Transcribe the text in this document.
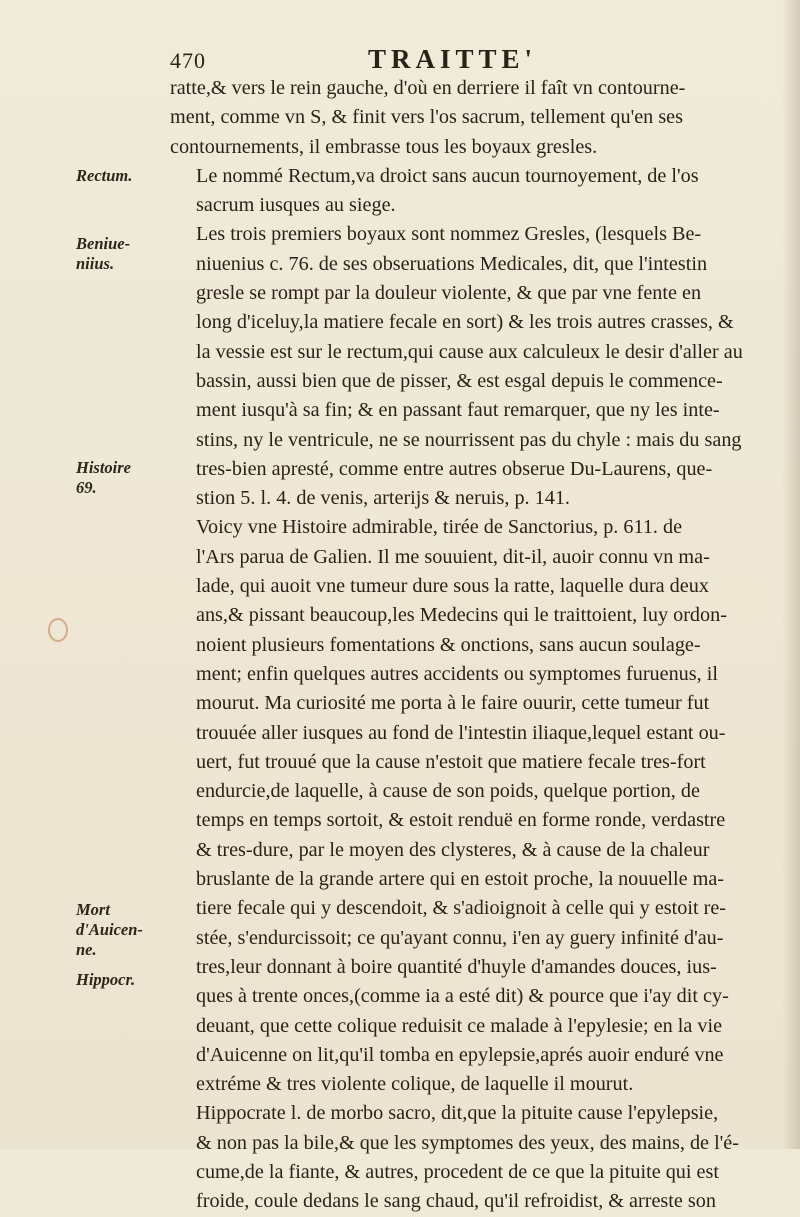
470	TRAITTE'
Rectum.
Beniue-niius.
Histoire 69.
Mort d'Auicen-ne.
Hippocr.

ratte,& vers le rein gauche, d'où en derriere il faît vn contourne-
ment, comme vn S, & finit vers l'os sacrum, tellement qu'en ses
contournements, il embrasse tous les boyaux gresles.

Le nommé Rectum,va droict sans aucun tournoyement, de l'os
sacrum iusques au siege.

Les trois premiers boyaux sont nommez Gresles, (lesquels Be-
niuenius c. 76. de ses obseruations Medicales, dit, que l'intestin
gresle se rompt par la douleur violente, & que par vne fente en
long d'iceluy,la matiere fecale en sort) & les trois autres crasses, &
la vessie est sur le rectum,qui cause aux calculeux le desir d'aller au
bassin, aussi bien que de pisser, & est esgal depuis le commence-
ment iusqu'à sa fin; & en passant faut remarquer, que ny les inte-
stins, ny le ventricule, ne se nourrissent pas du chyle : mais du sang
tres-bien apresté, comme entre autres obserue Du-Laurens, que-
stion 5. l. 4. de venis, arterijs & neruis, p. 141.

Voicy vne Histoire admirable, tirée de Sanctorius, p. 611. de
l'Ars parua de Galien. Il me souuient, dit-il, auoir connu vn ma-
lade, qui auoit vne tumeur dure sous la ratte, laquelle dura deux
ans,& pissant beaucoup,les Medecins qui le traittoient, luy ordon-
noient plusieurs fomentations & onctions, sans aucun soulage-
ment; enfin quelques autres accidents ou symptomes furuenus, il
mourut. Ma curiosité me porta à le faire ouurir, cette tumeur fut
trouuée aller iusques au fond de l'intestin iliaque,lequel estant ou-
uert, fut trouué que la cause n'estoit que matiere fecale tres-fort
endurcie,de laquelle, à cause de son poids, quelque portion, de
temps en temps sortoit, & estoit renduë en forme ronde, verdastre
& tres-dure, par le moyen des clysteres, & à cause de la chaleur
bruslante de la grande artere qui en estoit proche, la nouuelle ma-
tiere fecale qui y descendoit, & s'adioignoit à celle qui y estoit re-
stée, s'endurcissoit; ce qu'ayant connu, i'en ay guery infinité d'au-
tres,leur donnant à boire quantité d'huyle d'amandes douces, ius-
ques à trente onces,(comme ia a esté dit) & pource que i'ay dit cy-
deuant, que cette colique reduisit ce malade à l'epylesie; en la vie
d'Auicenne on lit,qu'il tomba en epylepsie,aprés auoir enduré vne
extréme & tres violente colique, de laquelle il mourut.

Hippocrate l. de morbo sacro, dit,que la pituite cause l'epylepsie,
& non pas la bile,& que les symptomes des yeux, des mains, de l'é-
cume,de la fiante, & autres, procedent de ce que la pituite qui est
froide, coule dedans le sang chaud, qu'il refroidist, & arreste son
